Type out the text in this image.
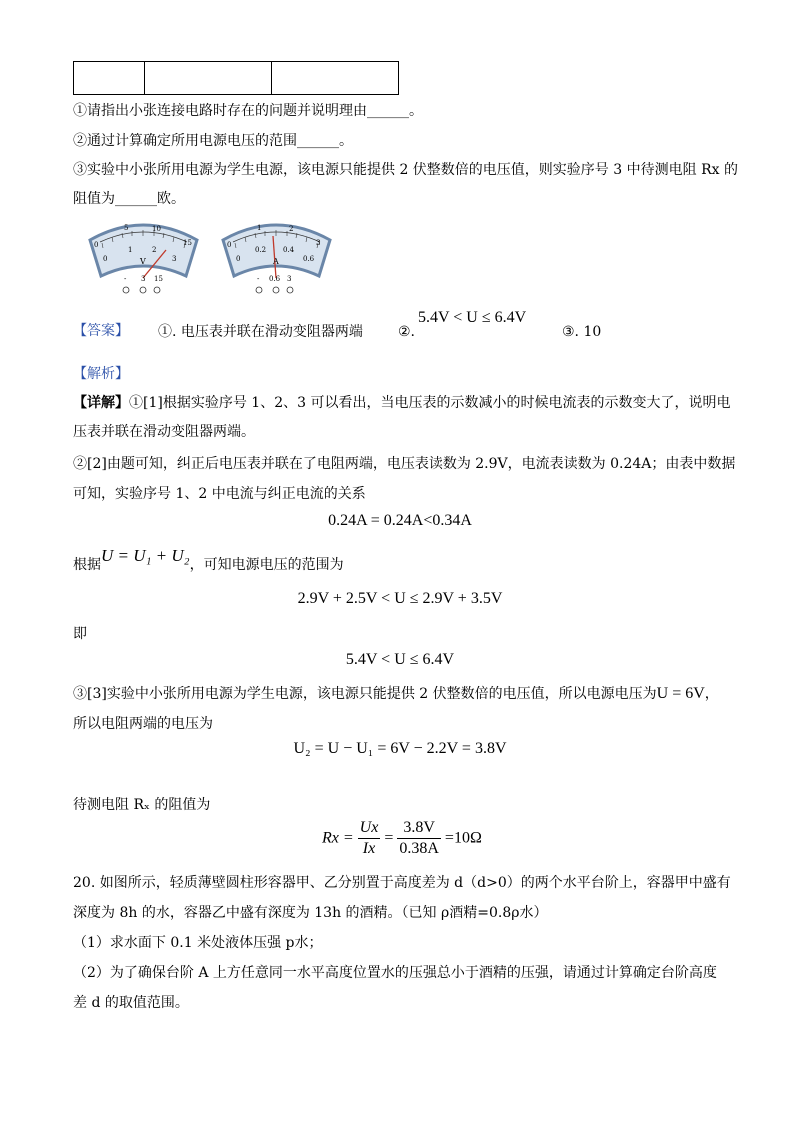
①请指出小张连接电路时存在的问题并说明理由______。
②通过计算确定所用电源电压的范围______。
③实验中小张所用电源为学生电源，该电源只能提供 2 伏整数倍的电压值，则实验序号 3 中待测电阻 Rx 的
阻值为______欧。
0
5	10
15
0
1	2
3
V
- 3 15
0
1	2
3
0
0.2 0.4
0.6
A
- 0.6 3
【答案】 ①. 电压表并联在滑动变阻器两端	②.
5.4V < U ≤ 6.4V
③. 10
【解析】
【详解】①[1]根据实验序号 1、2、3 可以看出，当电压表的示数减小的时候电流表的示数变大了，说明电
压表并联在滑动变阻器两端。
②[2]由题可知，纠正后电压表并联在了电阻两端，电压表读数为 2.9V，电流表读数为 0.24A；由表中数据
可知，实验序号 1、2 中电流与纠正电流的关系
0.24A = 0.24A<0.34A
根据U = U₁ + U₂，可知电源电压的范围为
2.9V + 2.5V < U ≤ 2.9V + 3.5V
即
5.4V < U ≤ 6.4V
③[3]实验中小张所用电源为学生电源，该电源只能提供 2 伏整数倍的电压值，所以电源电压为U = 6V，
所以电阻两端的电压为
U₂ = U − U₁ = 6V − 2.2V = 3.8V
待测电阻 Rₓ 的阻值为
$Rx = \frac{Ux}{Ix} = \frac{3.8V}{0.38A} =10\Omega$
20. 如图所示，轻质薄壁圆柱形容器甲、乙分别置于高度差为 d（d>0）的两个水平台阶上，容器甲中盛有
深度为 8h 的水，容器乙中盛有深度为 13h 的酒精。（已知 ρ酒精=0.8ρ水）
（1）求水面下 0.1 米处液体压强 p水；
（2）为了确保台阶 A 上方任意同一水平高度位置水的压强总小于酒精的压强，请通过计算确定台阶高度
差 d 的取值范围。
